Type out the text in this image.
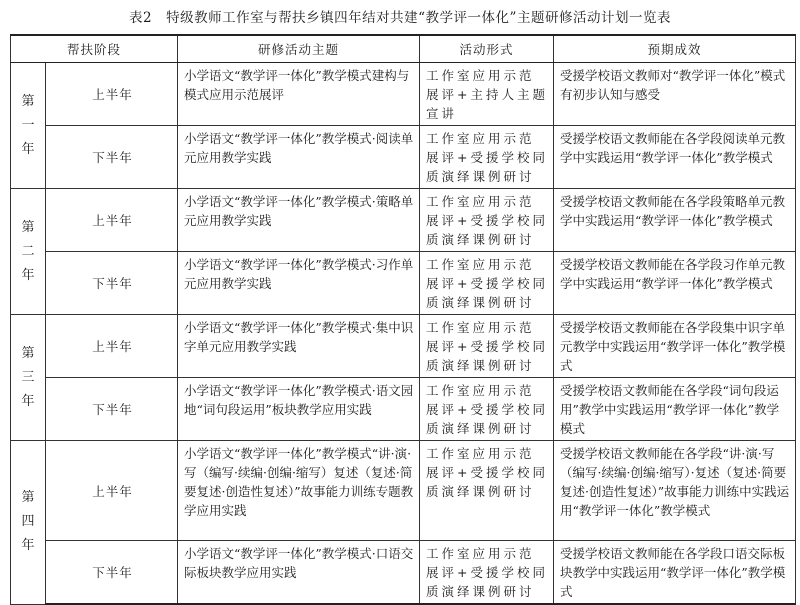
表2 特级教师工作室与帮扶乡镇四年结对共建“教学评一体化”主题研修活动计划一览表
帮扶阶段		研修活动主题	活动形式	预期成效
第一年	上半年	小学语文“教学评一体化”教学模式建构与模式应用示范展评	工作室应用示范展评+主持人主题宣讲	受援学校语文教师对“教学评一体化”模式有初步认知与感受
	下半年	小学语文“教学评一体化”教学模式·阅读单元应用教学实践	工作室应用示范展评+受援学校同质演绎课例研讨	受援学校语文教师能在各学段阅读单元教学中实践运用“教学评一体化”教学模式
第二年	上半年	小学语文“教学评一体化”教学模式·策略单元应用教学实践	工作室应用示范展评+受援学校同质演绎课例研讨	受援学校语文教师能在各学段策略单元教学中实践运用“教学评一体化”教学模式
	下半年	小学语文“教学评一体化”教学模式·习作单元应用教学实践	工作室应用示范展评+受援学校同质演绎课例研讨	受援学校语文教师能在各学段习作单元教学中实践运用“教学评一体化”教学模式
第三年	上半年	小学语文“教学评一体化”教学模式·集中识字单元应用教学实践	工作室应用示范展评+受援学校同质演绎课例研讨	受援学校语文教师能在各学段集中识字单元教学中实践运用“教学评一体化”教学模式
	下半年	小学语文“教学评一体化”教学模式·语文园地“词句段运用”板块教学应用实践	工作室应用示范展评+受援学校同质演绎课例研讨	受援学校语文教师能在各学段“词句段运用”教学中实践运用“教学评一体化”教学模式
第四年	上半年	小学语文“教学评一体化”教学模式“讲·演·写（编写·续编·创编·缩写）复述（复述·简要复述·创造性复述）”故事能力训练专题教学应用实践	工作室应用示范展评+受援学校同质演绎课例研讨	受援学校语文教师能在各学段“讲·演·写（编写·续编·创编·缩写）·复述（复述·简要复述·创造性复述）”故事能力训练中实践运用“教学评一体化”教学模式
	下半年	小学语文“教学评一体化”教学模式·口语交际板块教学应用实践	工作室应用示范展评+受援学校同质演绎课例研讨	受援学校语文教师能在各学段口语交际板块教学中实践运用“教学评一体化”教学模式
